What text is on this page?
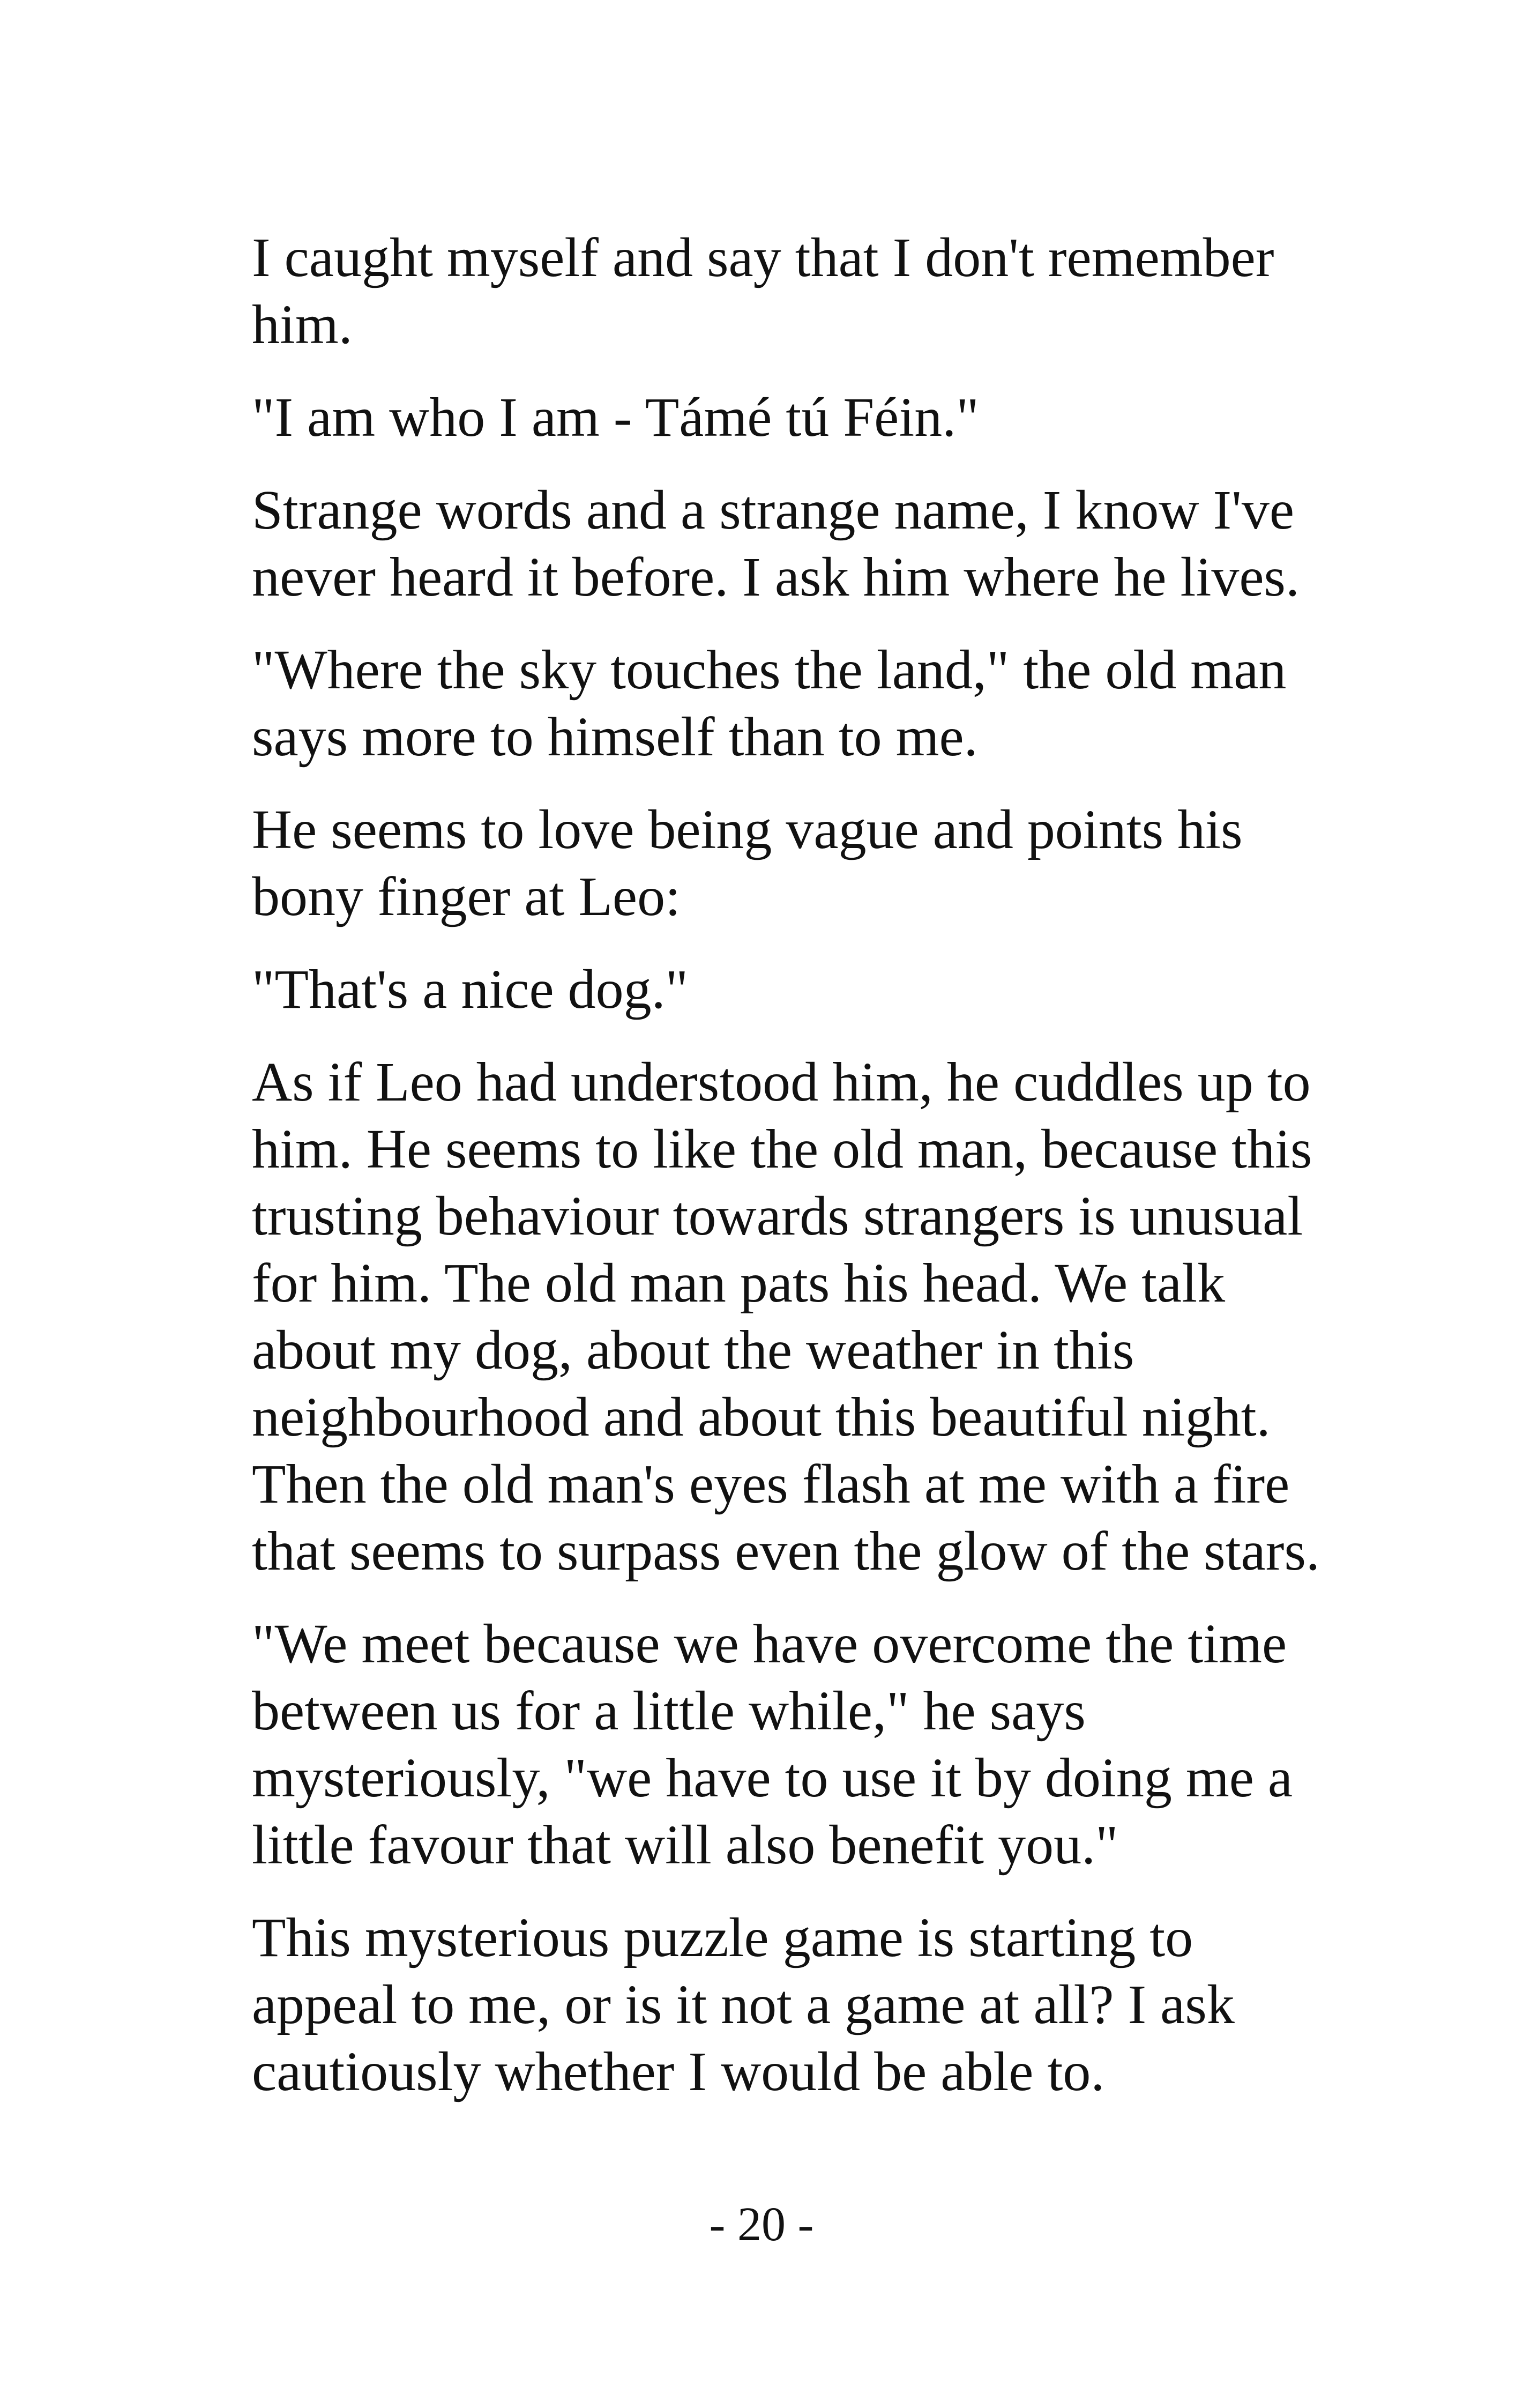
I caught myself and say that I don't remember
him.

"I am who I am - Támé tú Féin."

Strange words and a strange name, I know I've
never heard it before. I ask him where he lives.

"Where the sky touches the land," the old man
says more to himself than to me.

He seems to love being vague and points his
bony finger at Leo:

"That's a nice dog."

As if Leo had understood him, he cuddles up to
him. He seems to like the old man, because this
trusting behaviour towards strangers is unusual
for him. The old man pats his head. We talk
about my dog, about the weather in this
neighbourhood and about this beautiful night.
Then the old man's eyes flash at me with a fire
that seems to surpass even the glow of the stars.

"We meet because we have overcome the time
between us for a little while," he says
mysteriously, "we have to use it by doing me a
little favour that will also benefit you."

This mysterious puzzle game is starting to
appeal to me, or is it not a game at all? I ask
cautiously whether I would be able to.

- 20 -
